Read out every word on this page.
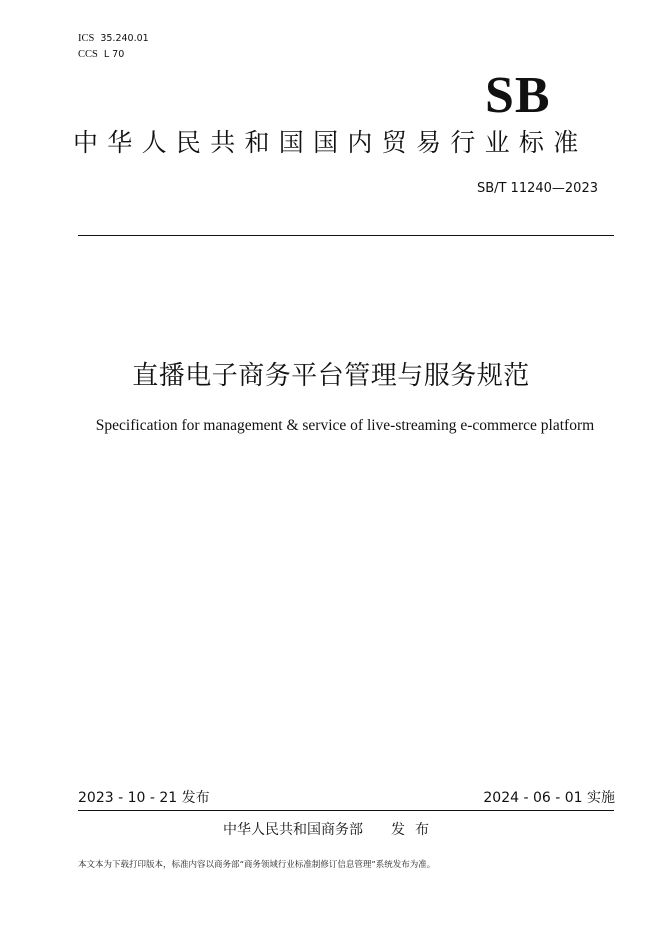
ICS 35.240.01
CCS L 70
SB
中华人民共和国国内贸易行业标准
SB/T 11240—2023
直播电子商务平台管理与服务规范
Specification for management & service of live-streaming e-commerce platform
2023 - 10 - 21 发布	2024 - 06 - 01 实施
中华人民共和国商务部 发布
本文本为下载打印版本，标准内容以商务部“商务领域行业标准制修订信息管理”系统发布为准。
